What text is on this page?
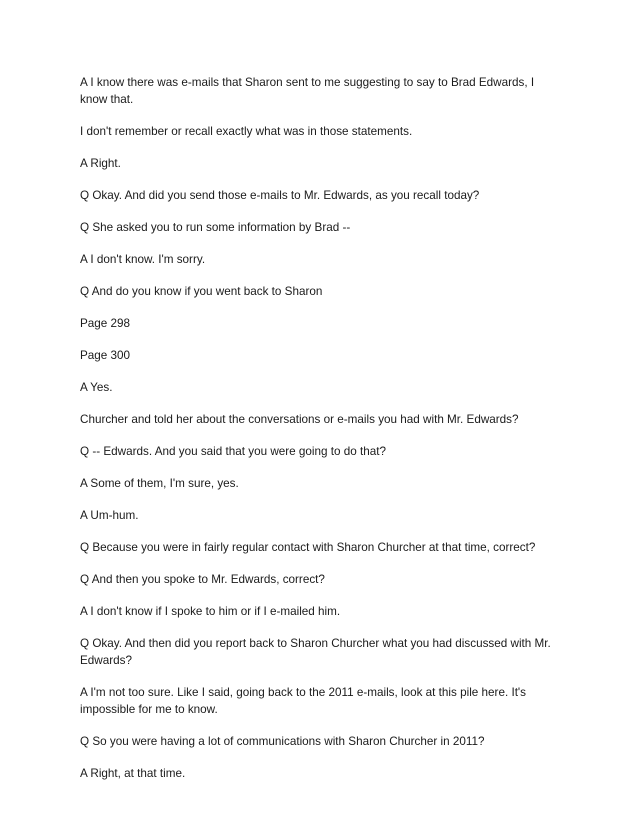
A I know there was e-mails that Sharon sent to me suggesting to say to Brad Edwards, I know that.

I don't remember or recall exactly what was in those statements.

A Right.

Q Okay. And did you send those e-mails to Mr. Edwards, as you recall today?

Q She asked you to run some information by Brad --

A I don't know. I'm sorry.

Q And do you know if you went back to Sharon

Page 298

Page 300

A Yes.

Churcher and told her about the conversations or e-mails you had with Mr. Edwards?

Q -- Edwards. And you said that you were going to do that?

A Some of them, I'm sure, yes.

A Um-hum.

Q Because you were in fairly regular contact with Sharon Churcher at that time, correct?

Q And then you spoke to Mr. Edwards, correct?

A I don't know if I spoke to him or if I e-mailed him.

Q Okay. And then did you report back to Sharon Churcher what you had discussed with Mr. Edwards?

A I'm not too sure. Like I said, going back to the 2011 e-mails, look at this pile here. It's impossible for me to know.

Q So you were having a lot of communications with Sharon Churcher in 2011?

A Right, at that time.
